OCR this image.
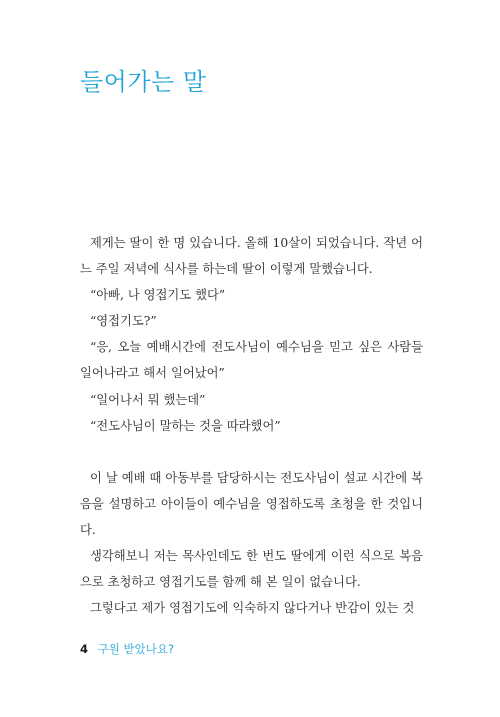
들어가는 말

제게는 딸이 한 명 있습니다. 올해 10살이 되었습니다. 작년 어느 주일 저녁에 식사를 하는데 딸이 이렇게 말했습니다.

“아빠, 나 영접기도 했다”

“영접기도?”

“응, 오늘 예배시간에 전도사님이 예수님을 믿고 싶은 사람들 일어나라고 해서 일어났어”

“일어나서 뭐 했는데”

“전도사님이 말하는 것을 따라했어”

이 날 예배 때 아동부를 담당하시는 전도사님이 설교 시간에 복음을 설명하고 아이들이 예수님을 영접하도록 초청을 한 것입니다.

생각해보니 저는 목사인데도 한 번도 딸에게 이런 식으로 복음으로 초청하고 영접기도를 함께 해 본 일이 없습니다.

그렇다고 제가 영접기도에 익숙하지 않다거나 반감이 있는 것

4 구원 받았나요?
